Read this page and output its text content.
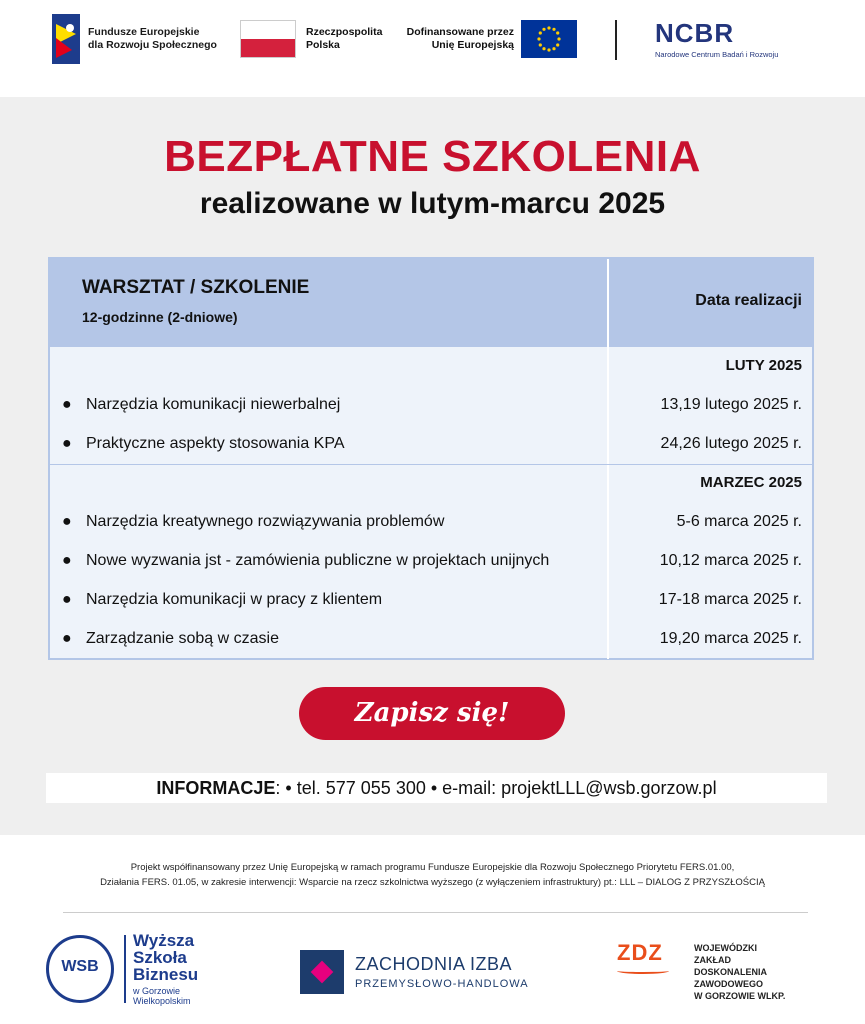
Fundusze Europejskie
dla Rozwoju Społecznego
Rzeczpospolita
Polska
Dofinansowane przez
Unię Europejską	NCBR
Narodowe Centrum Badań i Rozwoju
BEZPŁATNE SZKOLENIA
realizowane w lutym-marcu 2025
WARSZTAT / SZKOLENIE
12-godzinne (2-dniowe)
Data realizacji
LUTY 2025
● Narzędzia komunikacji niewerbalnej	13,19 lutego 2025 r.
● Praktyczne aspekty stosowania KPA	24,26 lutego 2025 r.
MARZEC 2025
● Narzędzia kreatywnego rozwiązywania problemów	5-6 marca 2025 r.
● Nowe wyzwania jst - zamówienia publiczne w projektach unijnych	10,12 marca 2025 r.
● Narzędzia komunikacji w pracy z klientem	17-18 marca 2025 r.
● Zarządzanie sobą w czasie	19,20 marca 2025 r.
Zapisz się!
INFORMACJE: • tel. 577 055 300 • e-mail: projektLLL@wsb.gorzow.pl
Projekt współfinansowany przez Unię Europejską w ramach programu Fundusze Europejskie dla Rozwoju Społecznego Priorytetu FERS.01.00,
Działania FERS. 01.05, w zakresie interwencji: Wsparcie na rzecz szkolnictwa wyższego (z wyłączeniem infrastruktury) pt.: LLL – DIALOG Z PRZYSZŁOŚCIĄ
WSB
Wyższa
Szkoła
Biznesu
w Gorzowie
Wielkopolskim
ZACHODNIA IZBA
PRZEMYSŁOWO-HANDLOWA
ZDZ	WOJEWÓDZKI
ZAKŁAD
DOSKONALENIA
ZAWODOWEGO
W GORZOWIE WLKP.
